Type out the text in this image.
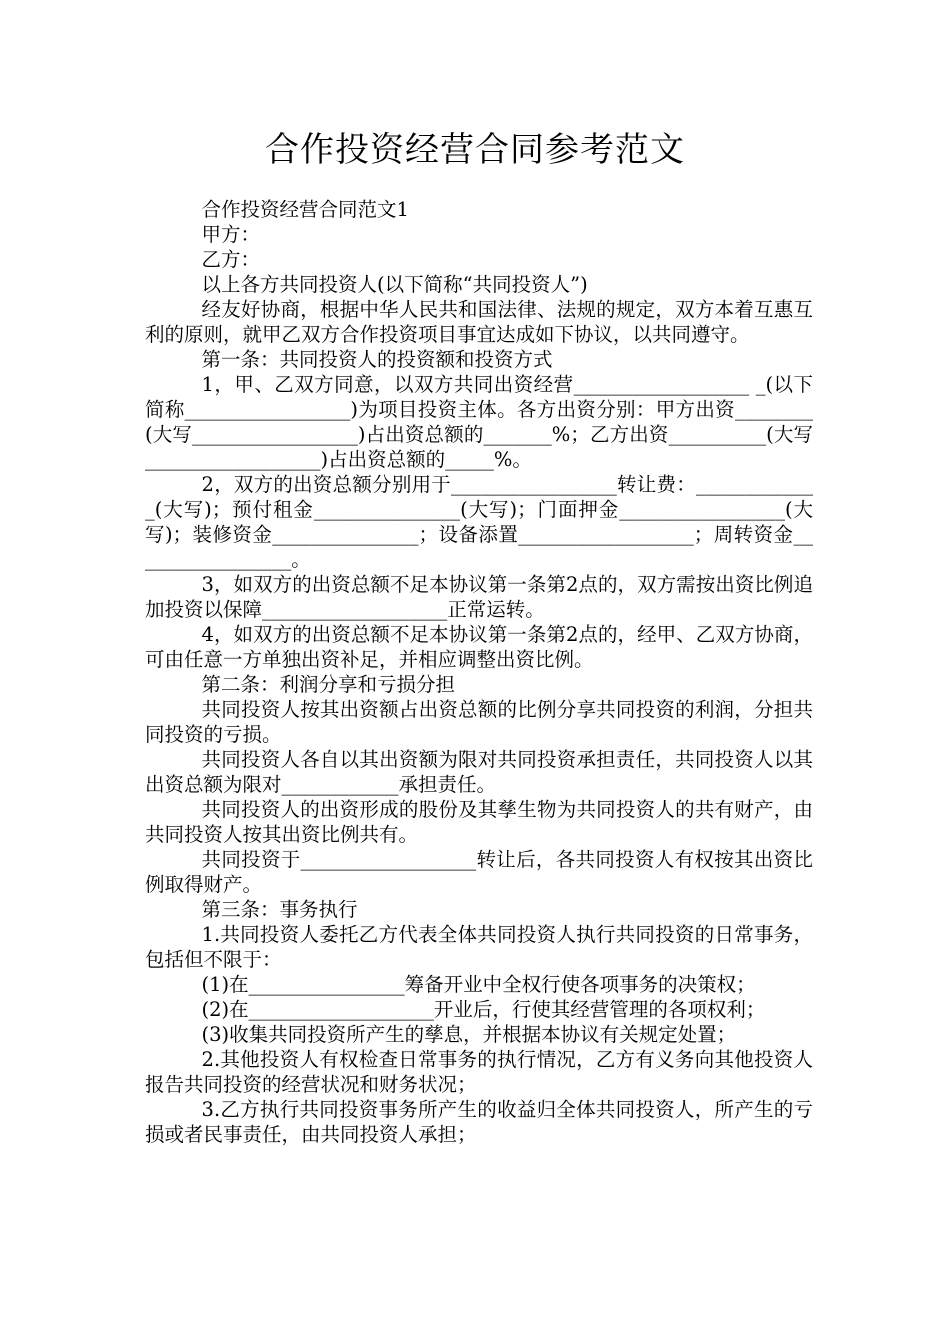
合作投资经营合同参考范文

合作投资经营合同范文1

甲方：

乙方：

以上各方共同投资人(以下简称“共同投资人”)

经友好协商，根据中华人民共和国法律、法规的规定，双方本着互惠互利的原则，就甲乙双方合作投资项目事宜达成如下协议，以共同遵守。

第一条：共同投资人的投资额和投资方式

1，甲、乙双方同意，以双方共同出资经营__________________ _(以下简称_________________)为项目投资主体。各方出资分别：甲方出资________(大写_________________)占出资总额的_______%；乙方出资__________(大写__________________)占出资总额的_____%。

2，双方的出资总额分别用于_________________转让费：_____________(大写)；预付租金_______________(大写)；门面押金_________________(大写)；装修资金_______________；设备添置__________________；周转资金_________________。

3，如双方的出资总额不足本协议第一条第2点的，双方需按出资比例追加投资以保障___________________正常运转。

4，如双方的出资总额不足本协议第一条第2点的，经甲、乙双方协商，可由任意一方单独出资补足，并相应调整出资比例。

第二条：利润分享和亏损分担

共同投资人按其出资额占出资总额的比例分享共同投资的利润，分担共同投资的亏损。

共同投资人各自以其出资额为限对共同投资承担责任，共同投资人以其出资总额为限对____________承担责任。

共同投资人的出资形成的股份及其孳生物为共同投资人的共有财产，由共同投资人按其出资比例共有。

共同投资于__________________转让后，各共同投资人有权按其出资比例取得财产。

第三条：事务执行

1.共同投资人委托乙方代表全体共同投资人执行共同投资的日常事务，包括但不限于：

(1)在________________筹备开业中全权行使各项事务的决策权；

(2)在___________________开业后，行使其经营管理的各项权利；

(3)收集共同投资所产生的孳息，并根据本协议有关规定处置；

2.其他投资人有权检查日常事务的执行情况，乙方有义务向其他投资人报告共同投资的经营状况和财务状况；

3.乙方执行共同投资事务所产生的收益归全体共同投资人，所产生的亏损或者民事责任，由共同投资人承担；
